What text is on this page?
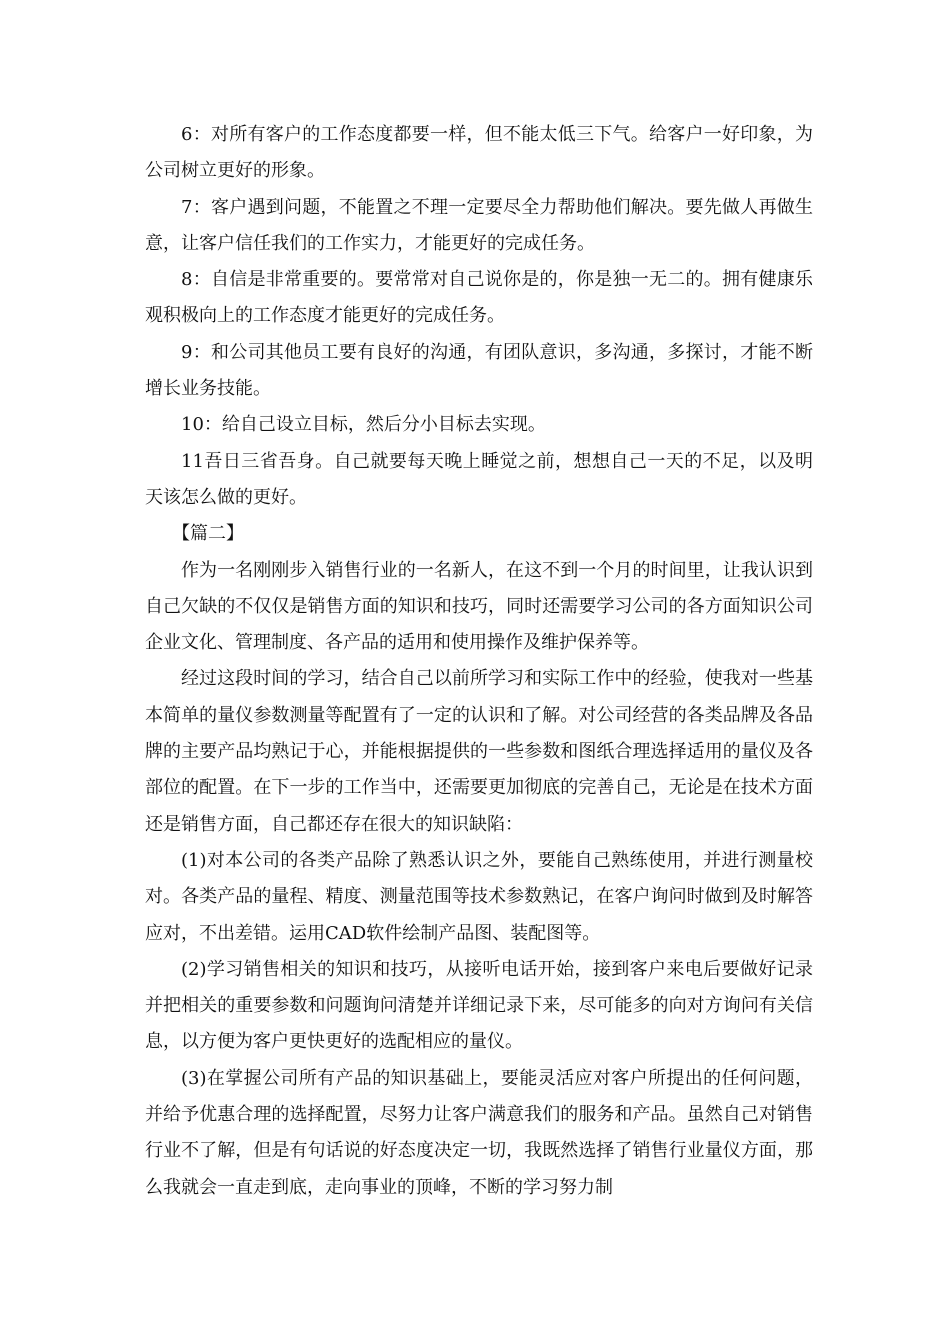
6：对所有客户的工作态度都要一样，但不能太低三下气。给客户一好印象，为公司树立更好的形象。

7：客户遇到问题，不能置之不理一定要尽全力帮助他们解决。要先做人再做生意，让客户信任我们的工作实力，才能更好的完成任务。

8：自信是非常重要的。要常常对自己说你是的，你是独一无二的。拥有健康乐观积极向上的工作态度才能更好的完成任务。

9：和公司其他员工要有良好的沟通，有团队意识，多沟通，多探讨，才能不断增长业务技能。

10：给自己设立目标，然后分小目标去实现。

11吾日三省吾身。自己就要每天晚上睡觉之前，想想自己一天的不足，以及明天该怎么做的更好。

【篇二】

作为一名刚刚步入销售行业的一名新人，在这不到一个月的时间里，让我认识到自己欠缺的不仅仅是销售方面的知识和技巧，同时还需要学习公司的各方面知识公司企业文化、管理制度、各产品的适用和使用操作及维护保养等。

经过这段时间的学习，结合自己以前所学习和实际工作中的经验，使我对一些基本简单的量仪参数测量等配置有了一定的认识和了解。对公司经营的各类品牌及各品牌的主要产品均熟记于心，并能根据提供的一些参数和图纸合理选择适用的量仪及各部位的配置。在下一步的工作当中，还需要更加彻底的完善自己，无论是在技术方面还是销售方面，自己都还存在很大的知识缺陷：

(1)对本公司的各类产品除了熟悉认识之外，要能自己熟练使用，并进行测量校对。各类产品的量程、精度、测量范围等技术参数熟记，在客户询问时做到及时解答应对，不出差错。运用CAD软件绘制产品图、装配图等。

(2)学习销售相关的知识和技巧，从接听电话开始，接到客户来电后要做好记录并把相关的重要参数和问题询问清楚并详细记录下来，尽可能多的向对方询问有关信息，以方便为客户更快更好的选配相应的量仪。

(3)在掌握公司所有产品的知识基础上，要能灵活应对客户所提出的任何问题，并给予优惠合理的选择配置，尽努力让客户满意我们的服务和产品。虽然自己对销售行业不了解，但是有句话说的好态度决定一切，我既然选择了销售行业量仪方面，那么我就会一直走到底，走向事业的顶峰，不断的学习努力制
